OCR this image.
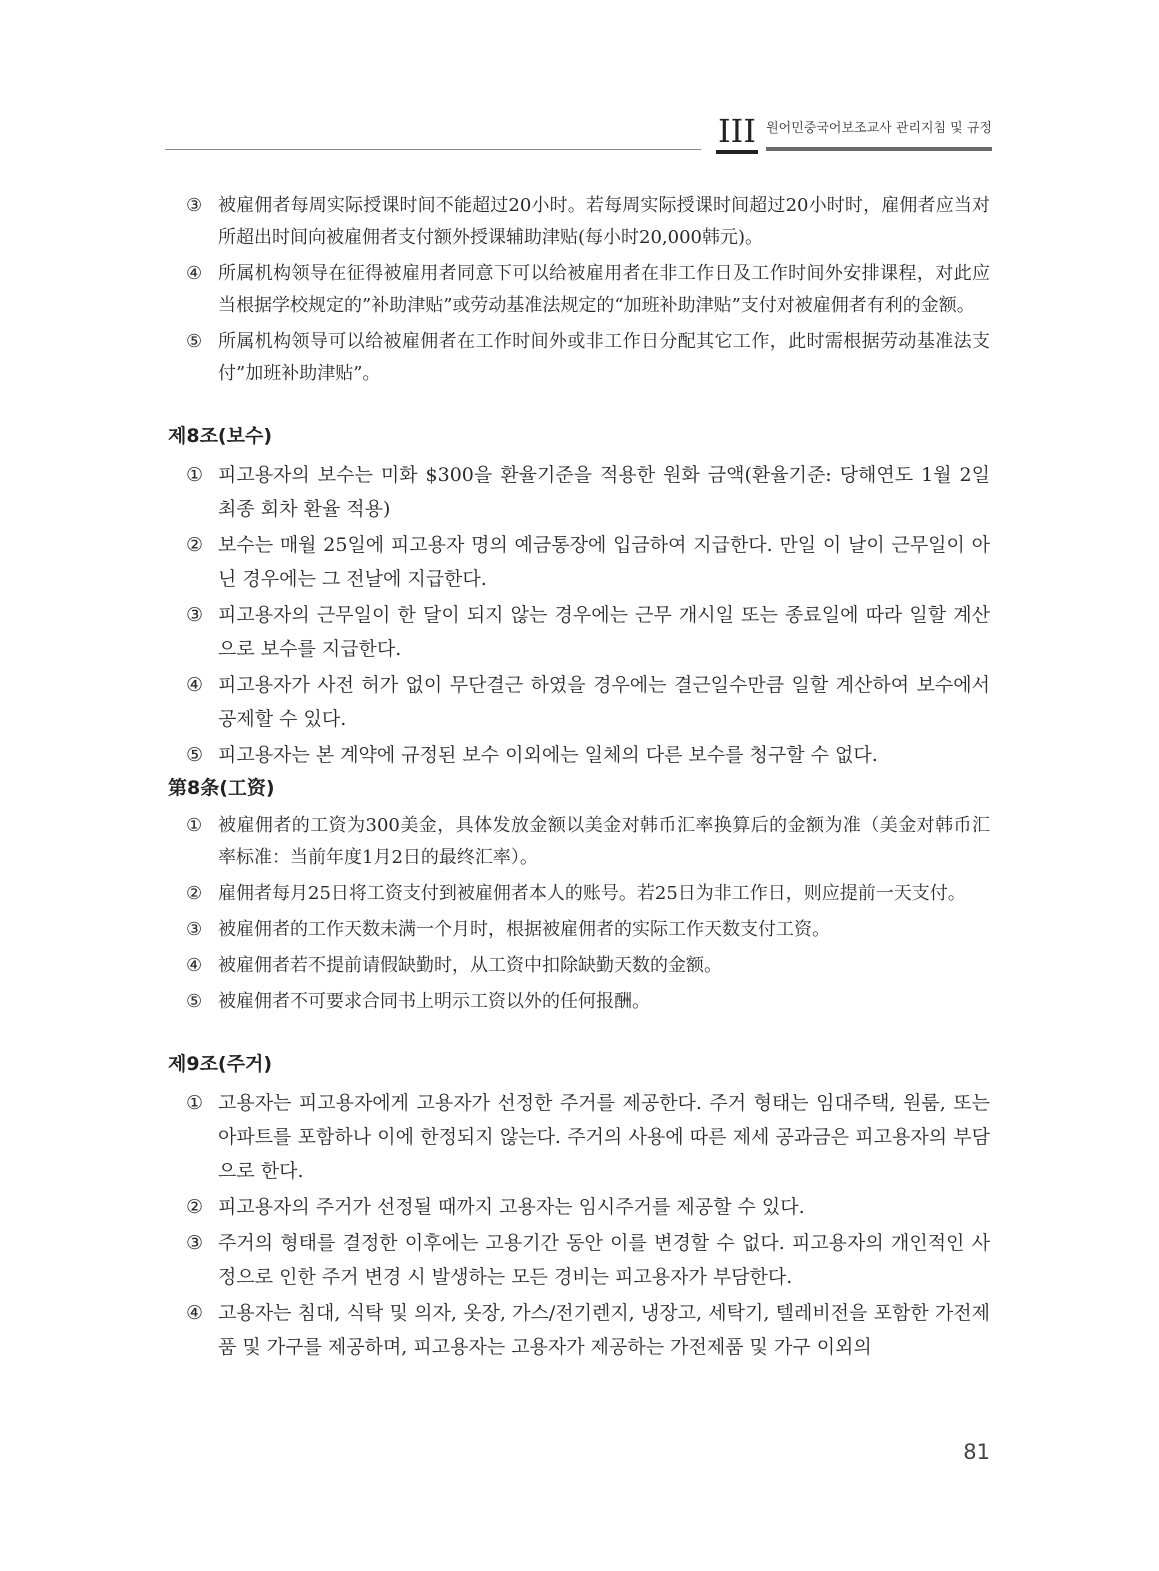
III 원어민중국어보조교사 관리지침 및 규정
③ 被雇佣者每周实际授课时间不能超过20小时。若每周实际授课时间超过20小时时，雇佣者应当对所超出时间向被雇佣者支付额外授课辅助津贴(每小时20,000韩元)。
④ 所属机构领导在征得被雇用者同意下可以给被雇用者在非工作日及工作时间外安排课程，对此应当根据学校规定的”补助津贴”或劳动基准法规定的“加班补助津贴”支付对被雇佣者有利的金额。
⑤ 所属机构领导可以给被雇佣者在工作时间外或非工作日分配其它工作，此时需根据劳动基准法支付”加班补助津贴”。
제8조(보수)
① 피고용자의 보수는 미화 $300을 환율기준을 적용한 원화 금액(환율기준: 당해연도 1월 2일 최종 회차 환율 적용)
② 보수는 매월 25일에 피고용자 명의 예금통장에 입금하여 지급한다. 만일 이 날이 근무일이 아닌 경우에는 그 전날에 지급한다.
③ 피고용자의 근무일이 한 달이 되지 않는 경우에는 근무 개시일 또는 종료일에 따라 일할 계산으로 보수를 지급한다.
④ 피고용자가 사전 허가 없이 무단결근 하였을 경우에는 결근일수만큼 일할 계산하여 보수에서 공제할 수 있다.
⑤ 피고용자는 본 계약에 규정된 보수 이외에는 일체의 다른 보수를 청구할 수 없다.
第8条(工资)
① 被雇佣者的工资为300美金，具体发放金额以美金对韩币汇率换算后的金额为准（美金对韩币汇率标准：当前年度1月2日的最终汇率）。
② 雇佣者每月25日将工资支付到被雇佣者本人的账号。若25日为非工作日，则应提前一天支付。
③ 被雇佣者的工作天数未满一个月时，根据被雇佣者的实际工作天数支付工资。
④ 被雇佣者若不提前请假缺勤时，从工资中扣除缺勤天数的金额。
⑤ 被雇佣者不可要求合同书上明示工资以外的任何报酬。
제9조(주거)
① 고용자는 피고용자에게 고용자가 선정한 주거를 제공한다. 주거 형태는 임대주택, 원룸, 또는 아파트를 포함하나 이에 한정되지 않는다. 주거의 사용에 따른 제세 공과금은 피고용자의 부담으로 한다.
② 피고용자의 주거가 선정될 때까지 고용자는 임시주거를 제공할 수 있다.
③ 주거의 형태를 결정한 이후에는 고용기간 동안 이를 변경할 수 없다. 피고용자의 개인적인 사정으로 인한 주거 변경 시 발생하는 모든 경비는 피고용자가 부담한다.
④ 고용자는 침대, 식탁 및 의자, 옷장, 가스/전기렌지, 냉장고, 세탁기, 텔레비전을 포함한 가전제품 및 가구를 제공하며, 피고용자는 고용자가 제공하는 가전제품 및 가구 이외의
81
